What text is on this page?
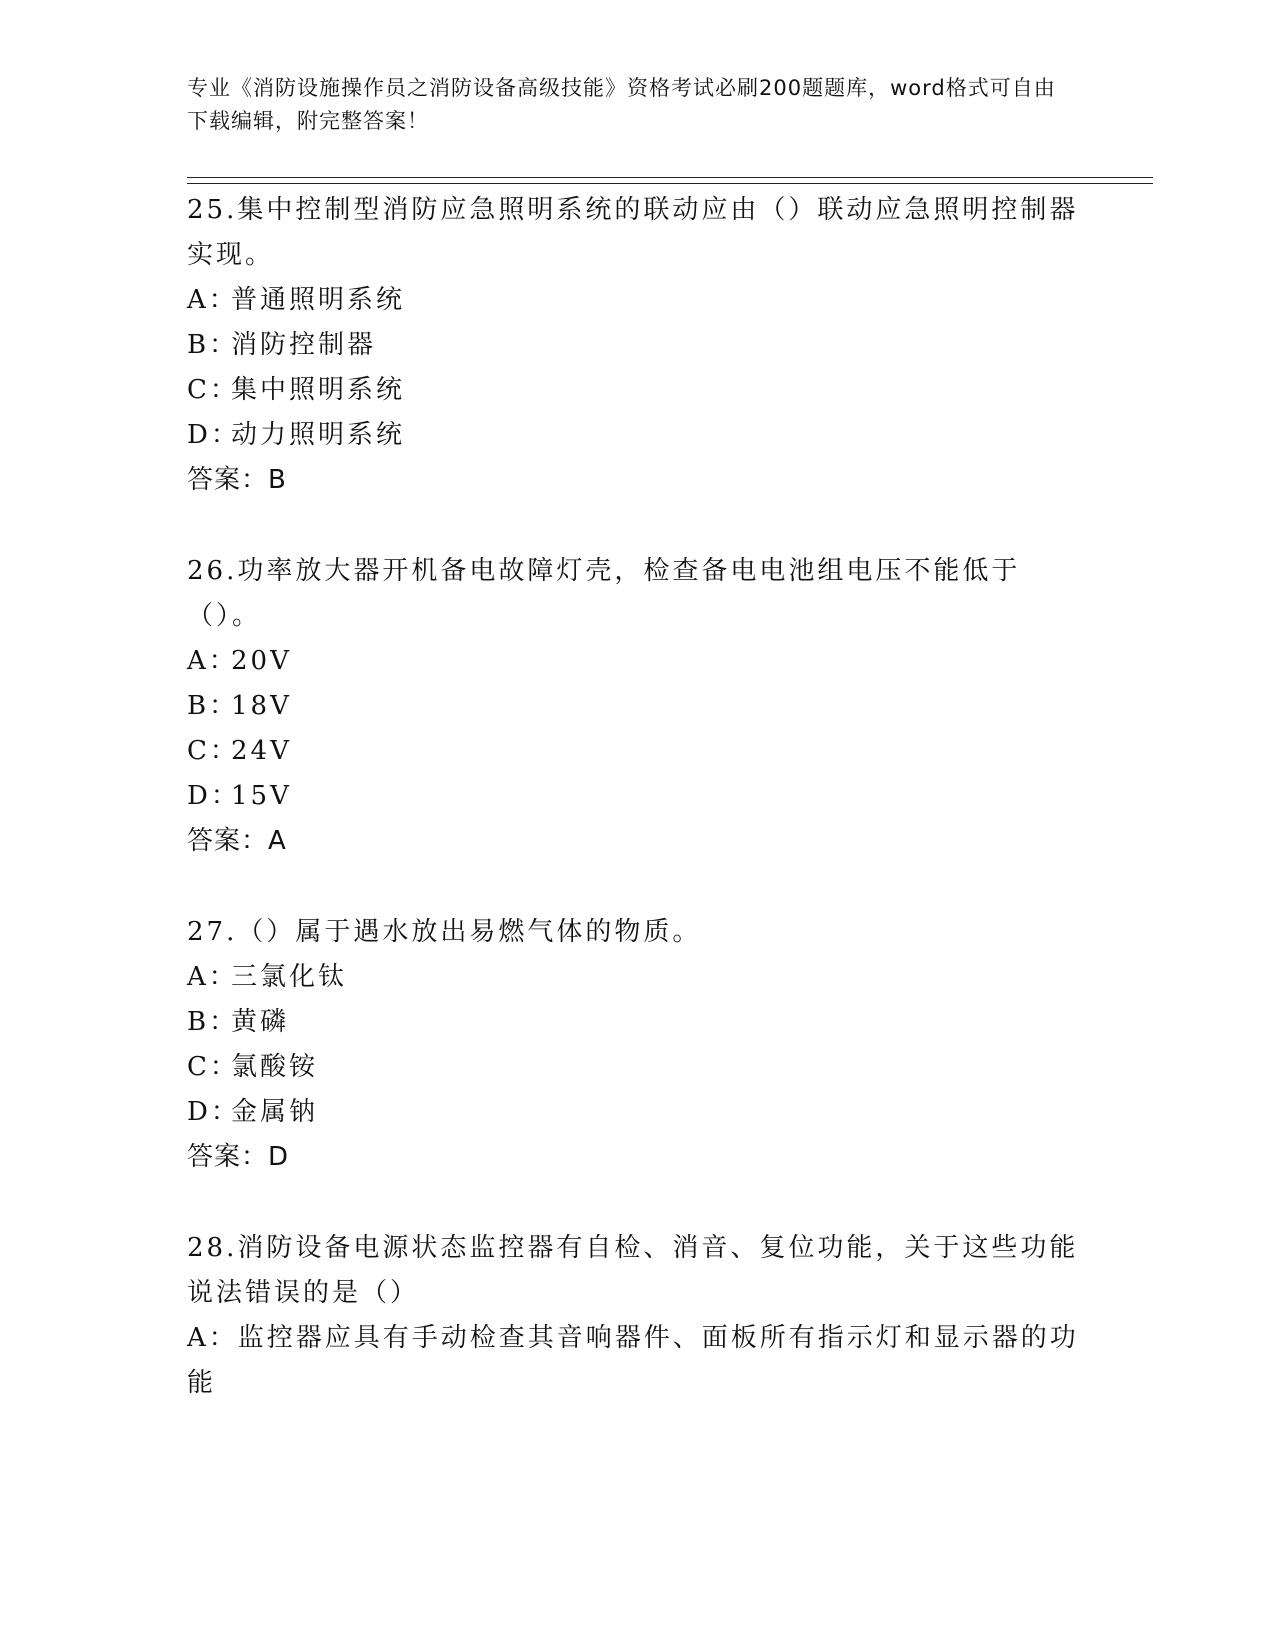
专业《消防设施操作员之消防设备高级技能》资格考试必刷200题题库，word格式可自由下载编辑，附完整答案！
25.集中控制型消防应急照明系统的联动应由（）联动应急照明控制器实现。
A：普通照明系统
B：消防控制器
C：集中照明系统
D：动力照明系统
答案：B
26.功率放大器开机备电故障灯壳，检查备电电池组电压不能低于（）。
A：20V
B：18V
C：24V
D：15V
答案：A
27.（）属于遇水放出易燃气体的物质。
A：三氯化钛
B：黄磷
C：氯酸铵
D：金属钠
答案：D
28.消防设备电源状态监控器有自检、消音、复位功能，关于这些功能说法错误的是（）
A：监控器应具有手动检查其音响器件、面板所有指示灯和显示器的功能
